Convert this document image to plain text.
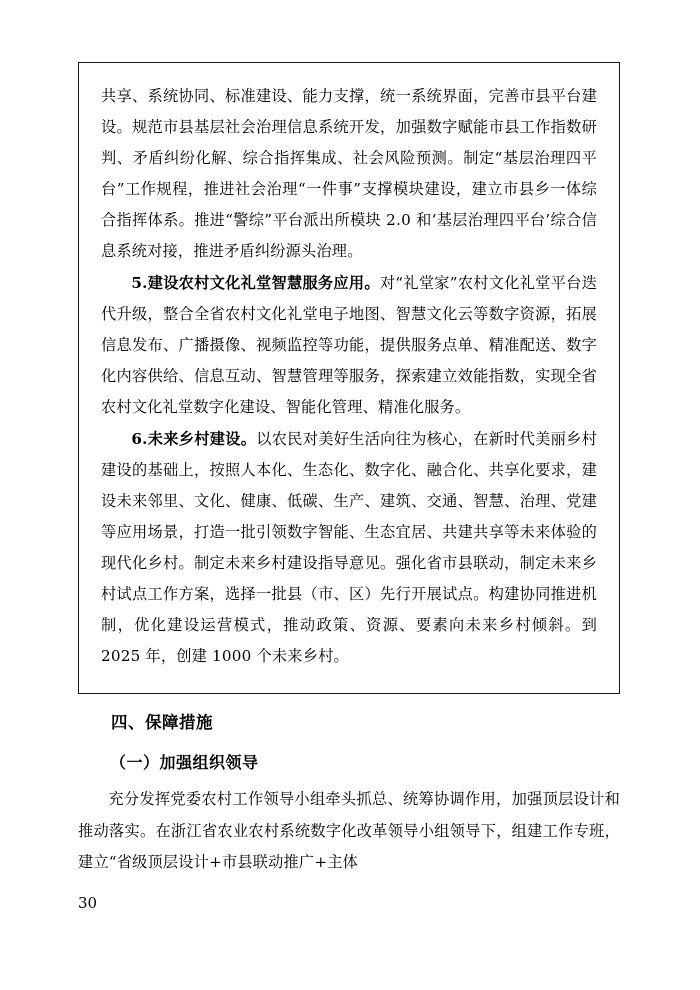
共享、系统协同、标准建设、能力支撑，统一系统界面，完善市县平台建设。规范市县基层社会治理信息系统开发，加强数字赋能市县工作指数研判、矛盾纠纷化解、综合指挥集成、社会风险预测。制定“基层治理四平台”工作规程，推进社会治理“一件事”支撑模块建设，建立市县乡一体综合指挥体系。推进“警综”平台派出所模块 2.0 和‘基层治理四平台’综合信息系统对接，推进矛盾纠纷源头治理。

5.建设农村文化礼堂智慧服务应用。对“礼堂家”农村文化礼堂平台迭代升级，整合全省农村文化礼堂电子地图、智慧文化云等数字资源，拓展信息发布、广播摄像、视频监控等功能，提供服务点单、精准配送、数字化内容供给、信息互动、智慧管理等服务，探索建立效能指数，实现全省农村文化礼堂数字化建设、智能化管理、精准化服务。

6.未来乡村建设。以农民对美好生活向往为核心，在新时代美丽乡村建设的基础上，按照人本化、生态化、数字化、融合化、共享化要求，建设未来邻里、文化、健康、低碳、生产、建筑、交通、智慧、治理、党建等应用场景，打造一批引领数字智能、生态宜居、共建共享等未来体验的现代化乡村。制定未来乡村建设指导意见。强化省市县联动，制定未来乡村试点工作方案，选择一批县（市、区）先行开展试点。构建协同推进机制，优化建设运营模式，推动政策、资源、要素向未来乡村倾斜。到 2025 年，创建 1000 个未来乡村。

四、保障措施

（一）加强组织领导

充分发挥党委农村工作领导小组牵头抓总、统筹协调作用，加强顶层设计和推动落实。在浙江省农业农村系统数字化改革领导小组领导下，组建工作专班，建立“省级顶层设计+市县联动推广+主体

30
